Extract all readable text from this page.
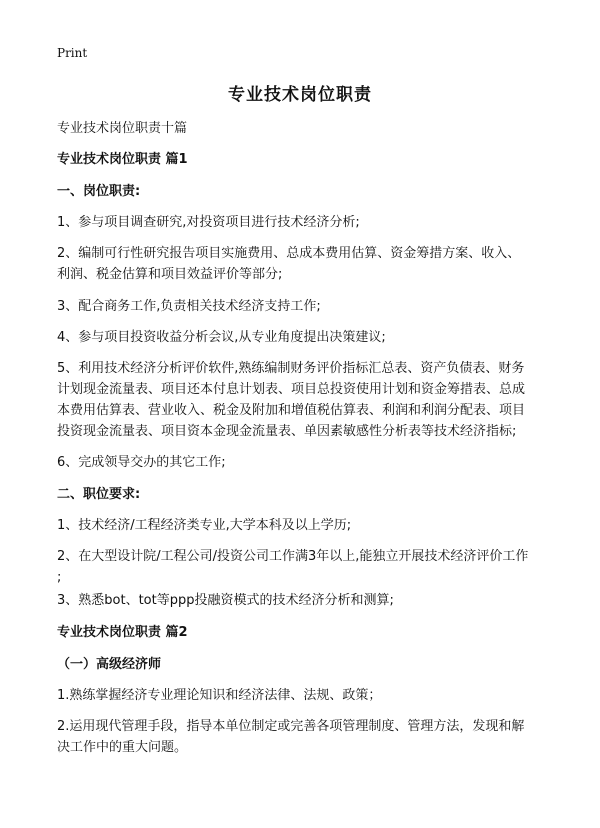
Print
专业技术岗位职责
专业技术岗位职责十篇
专业技术岗位职责 篇1
一、岗位职责:
1、参与项目调查研究,对投资项目进行技术经济分析;
2、编制可行性研究报告项目实施费用、总成本费用估算、资金筹措方案、收入、
利润、税金估算和项目效益评价等部分;
3、配合商务工作,负责相关技术经济支持工作;
4、参与项目投资收益分析会议,从专业角度提出决策建议;
5、利用技术经济分析评价软件,熟练编制财务评价指标汇总表、资产负债表、财务
计划现金流量表、项目还本付息计划表、项目总投资使用计划和资金筹措表、总成
本费用估算表、营业收入、税金及附加和增值税估算表、利润和利润分配表、项目
投资现金流量表、项目资本金现金流量表、单因素敏感性分析表等技术经济指标;
6、完成领导交办的其它工作;
二、职位要求:
1、技术经济/工程经济类专业,大学本科及以上学历;
2、在大型设计院/工程公司/投资公司工作满3年以上,能独立开展技术经济评价工作
;
3、熟悉bot、tot等ppp投融资模式的技术经济分析和测算;
专业技术岗位职责 篇2
（一）高级经济师
1.熟练掌握经济专业理论知识和经济法律、法规、政策；
2.运用现代管理手段，指导本单位制定或完善各项管理制度、管理方法，发现和解
决工作中的重大问题。
